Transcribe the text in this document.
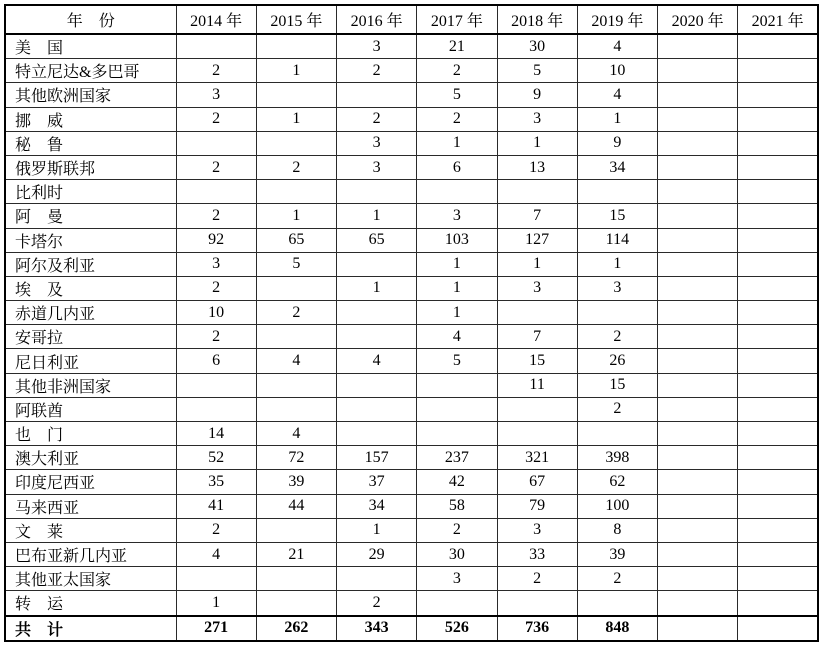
年　份	2014 年	2015 年	2016 年	2017 年	2018 年	2019 年	2020 年	2021 年
美　国			3	21	30	4		
特立尼达&多巴哥	2	1	2	2	5	10		
其他欧洲国家	3			5	9	4		
挪　威	2	1	2	2	3	1		
秘　鲁			3	1	1	9		
俄罗斯联邦	2	2	3	6	13	34		
比利时								
阿　曼	2	1	1	3	7	15		
卡塔尔	92	65	65	103	127	114		
阿尔及利亚	3	5		1	1	1		
埃　及	2		1	1	3	3		
赤道几内亚	10	2		1				
安哥拉	2			4	7	2		
尼日利亚	6	4	4	5	15	26		
其他非洲国家					11	15		
阿联酋						2		
也　门	14	4						
澳大利亚	52	72	157	237	321	398		
印度尼西亚	35	39	37	42	67	62		
马来西亚	41	44	34	58	79	100		
文　莱	2		1	2	3	8		
巴布亚新几内亚	4	21	29	30	33	39		
其他亚太国家				3	2	2		
转　运	1		2					
共　计	271	262	343	526	736	848		
